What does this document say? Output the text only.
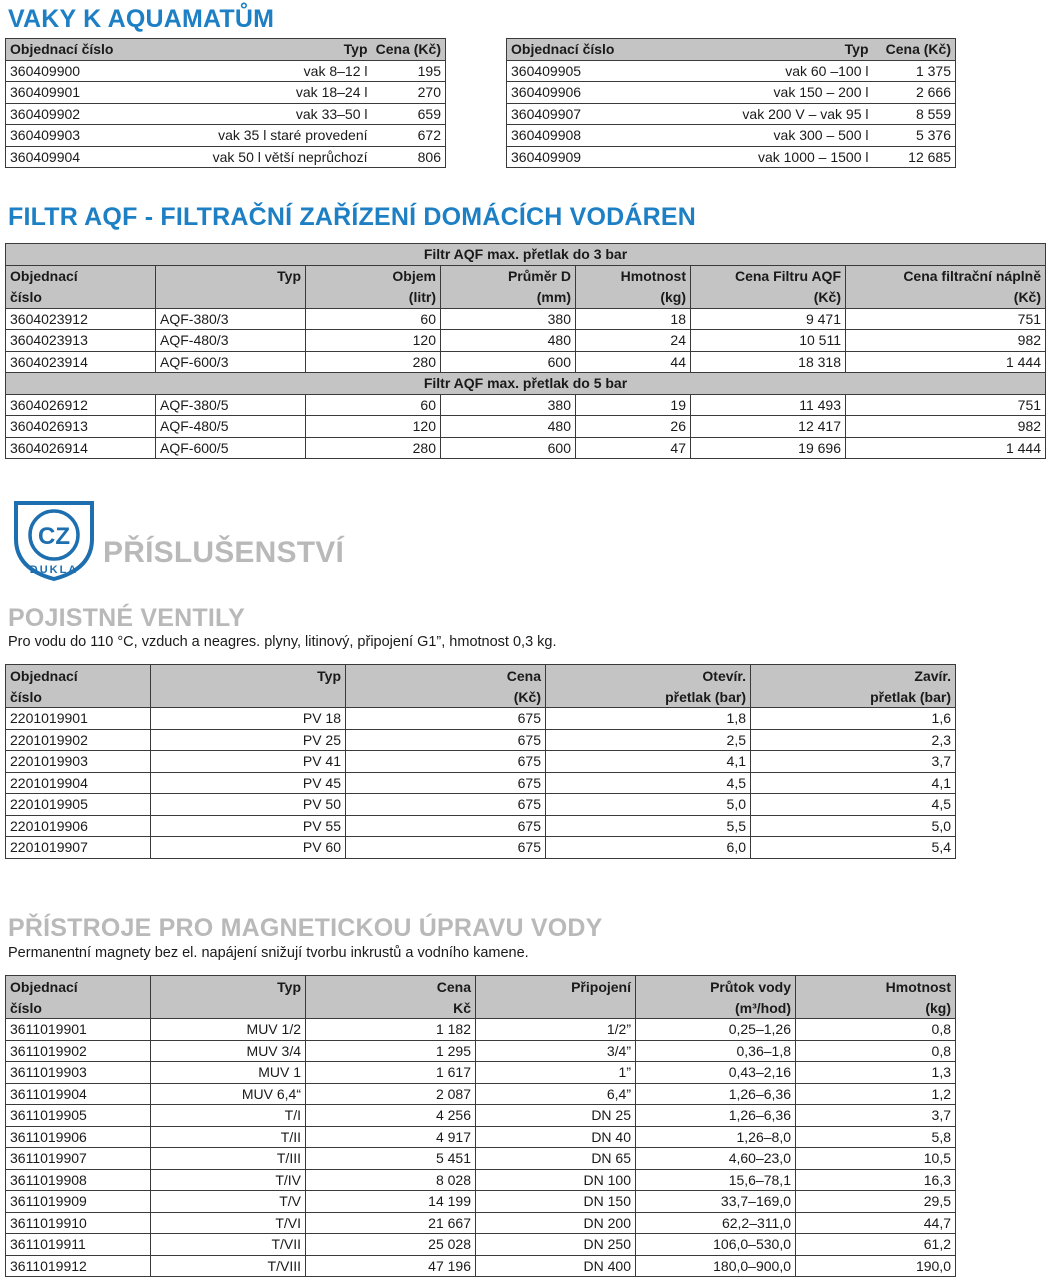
VAKY K AQUAMATŮM
Objednací číslo	Typ	Cena (Kč)
360409900	vak 8–12 l	195
360409901	vak 18–24 l	270
360409902	vak 33–50 l	659
360409903	vak 35 l staré provedení	672
360409904	vak 50 l větší neprůchozí	806
Objednací číslo	Typ	Cena (Kč)
360409905	vak 60 –100 l	1 375
360409906	vak 150 – 200 l	2 666
360409907	vak 200 V – vak 95 l	8 559
360409908	vak 300 – 500 l	5 376
360409909	vak 1000 – 1500 l	12 685
FILTR AQF - FILTRAČNÍ ZAŘÍZENÍ DOMÁCÍCH VODÁREN
Filtr AQF max. přetlak do 3 bar						
Objednací	Typ	Objem	Průměr D	Hmotnost	Cena Filtru AQF	Cena filtrační náplně
číslo		(litr)	(mm)	(kg)	(Kč)	(Kč)
3604023912	AQF-380/3	60	380	18	9 471	751
3604023913	AQF-480/3	120	480	24	10 511	982
3604023914	AQF-600/3	280	600	44	18 318	1 444
Filtr AQF max. přetlak do 5 bar						
3604026912	AQF-380/5	60	380	19	11 493	751
3604026913	AQF-480/5	120	480	26	12 417	982
3604026914	AQF-600/5	280	600	47	19 696	1 444
CZ
DUKLA
PŘÍSLUŠENSTVÍ
POJISTNÉ VENTILY
Pro vodu do 110 °C, vzduch a neagres. plyny, litinový, připojení G1”, hmotnost 0,3 kg.
Objednací	Typ	Cena	Otevír.	Zavír.
číslo		(Kč)	přetlak (bar)	přetlak (bar)
2201019901	PV 18	675	1,8	1,6
2201019902	PV 25	675	2,5	2,3
2201019903	PV 41	675	4,1	3,7
2201019904	PV 45	675	4,5	4,1
2201019905	PV 50	675	5,0	4,5
2201019906	PV 55	675	5,5	5,0
2201019907	PV 60	675	6,0	5,4
PŘÍSTROJE PRO MAGNETICKOU ÚPRAVU VODY
Permanentní magnety bez el. napájení snižují tvorbu inkrustů a vodního kamene.
Objednací	Typ	Cena	Připojení	Průtok vody	Hmotnost
číslo		Kč		(m³/hod)	(kg)
3611019901	MUV 1/2	1 182	1/2”	0,25–1,26	0,8
3611019902	MUV 3/4	1 295	3/4”	0,36–1,8	0,8
3611019903	MUV 1	1 617	1”	0,43–2,16	1,3
3611019904	MUV 6,4“	2 087	6,4”	1,26–6,36	1,2
3611019905	T/I	4 256	DN 25	1,26–6,36	3,7
3611019906	T/II	4 917	DN 40	1,26–8,0	5,8
3611019907	T/III	5 451	DN 65	4,60–23,0	10,5
3611019908	T/IV	8 028	DN 100	15,6–78,1	16,3
3611019909	T/V	14 199	DN 150	33,7–169,0	29,5
3611019910	T/VI	21 667	DN 200	62,2–311,0	44,7
3611019911	T/VII	25 028	DN 250	106,0–530,0	61,2
3611019912	T/VIII	47 196	DN 400	180,0–900,0	190,0
